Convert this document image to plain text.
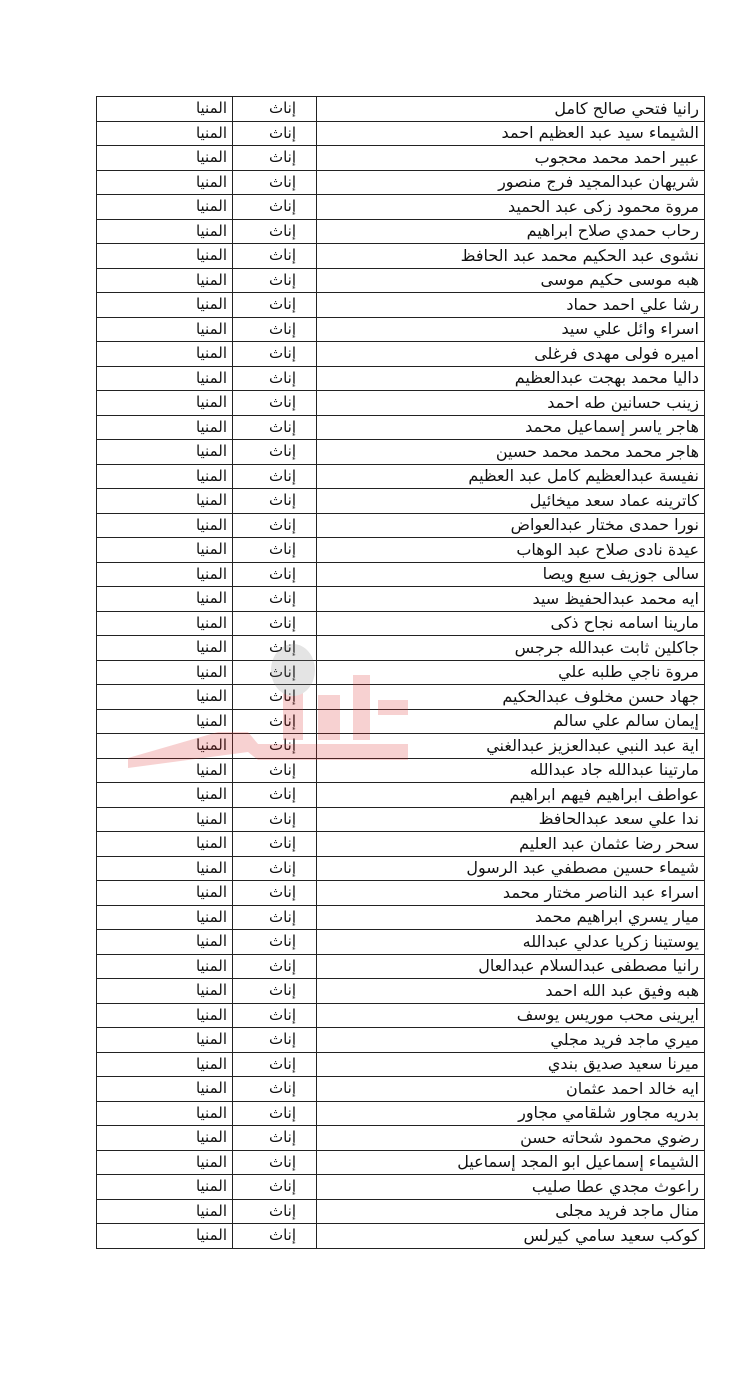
المنيا	إناث	رانيا فتحي صالح كامل	
المنيا	إناث	الشيماء سيد عبد العظيم احمد	
المنيا	إناث	عبير احمد محمد محجوب	
المنيا	إناث	شريهان عبدالمجيد فرج منصور	
المنيا	إناث	مروة محمود زكى عبد الحميد	
المنيا	إناث	رحاب حمدي صلاح ابراهيم	
المنيا	إناث	نشوى عبد الحكيم محمد عبد الحافظ	
المنيا	إناث	هبه موسى حكيم موسى	
المنيا	إناث	رشا علي احمد حماد	
المنيا	إناث	اسراء وائل علي سيد	
المنيا	إناث	اميره فولى مهدى فرغلى	
المنيا	إناث	داليا محمد بهجت عبدالعظيم	
المنيا	إناث	زينب حسانين طه احمد	
المنيا	إناث	هاجر ياسر إسماعيل محمد	
المنيا	إناث	هاجر محمد محمد محمد حسين	
المنيا	إناث	نفيسة عبدالعظيم كامل عبد العظيم	
المنيا	إناث	كاترينه عماد سعد ميخائيل	
المنيا	إناث	نورا حمدى مختار عبدالعواض	
المنيا	إناث	عيدة نادى صلاح عبد الوهاب	
المنيا	إناث	سالى جوزيف سبع ويصا	
المنيا	إناث	ايه محمد عبدالحفيظ سيد	
المنيا	إناث	مارينا اسامه نجاح ذكى	
المنيا	إناث	جاكلين ثابت عبدالله جرجس	
المنيا	إناث	مروة ناجي طلبه علي	
المنيا	إناث	جهاد حسن مخلوف عبدالحكيم	
المنيا	إناث	إيمان سالم علي سالم	
المنيا	إناث	اية عبد النبي عبدالعزيز عبدالغني	
المنيا	إناث	مارتينا عبدالله جاد عبدالله	
المنيا	إناث	عواطف ابراهيم فيهم ابراهيم	
المنيا	إناث	ندا علي سعد عبدالحافظ	
المنيا	إناث	سحر رضا عثمان عبد العليم	
المنيا	إناث	شيماء حسين مصطفي عبد الرسول	
المنيا	إناث	اسراء عبد الناصر مختار محمد	
المنيا	إناث	ميار يسري ابراهيم محمد	
المنيا	إناث	يوستينا زكريا عدلي عبدالله	
المنيا	إناث	رانيا مصطفى عبدالسلام عبدالعال	
المنيا	إناث	هبه وفيق عبد الله احمد	
المنيا	إناث	ايرينى محب موريس يوسف	
المنيا	إناث	ميري ماجد فريد مجلي	
المنيا	إناث	ميرنا سعيد صديق بندي	
المنيا	إناث	ايه خالد احمد عثمان	
المنيا	إناث	بدريه مجاور شلقامي مجاور	
المنيا	إناث	رضوي محمود شحاته حسن	
المنيا	إناث	الشيماء إسماعيل ابو المجد إسماعيل	
المنيا	إناث	راعوث مجدي عطا صليب	
المنيا	إناث	منال ماجد فريد مجلى	
المنيا	إناث	كوكب سعيد سامي كيرلس	
